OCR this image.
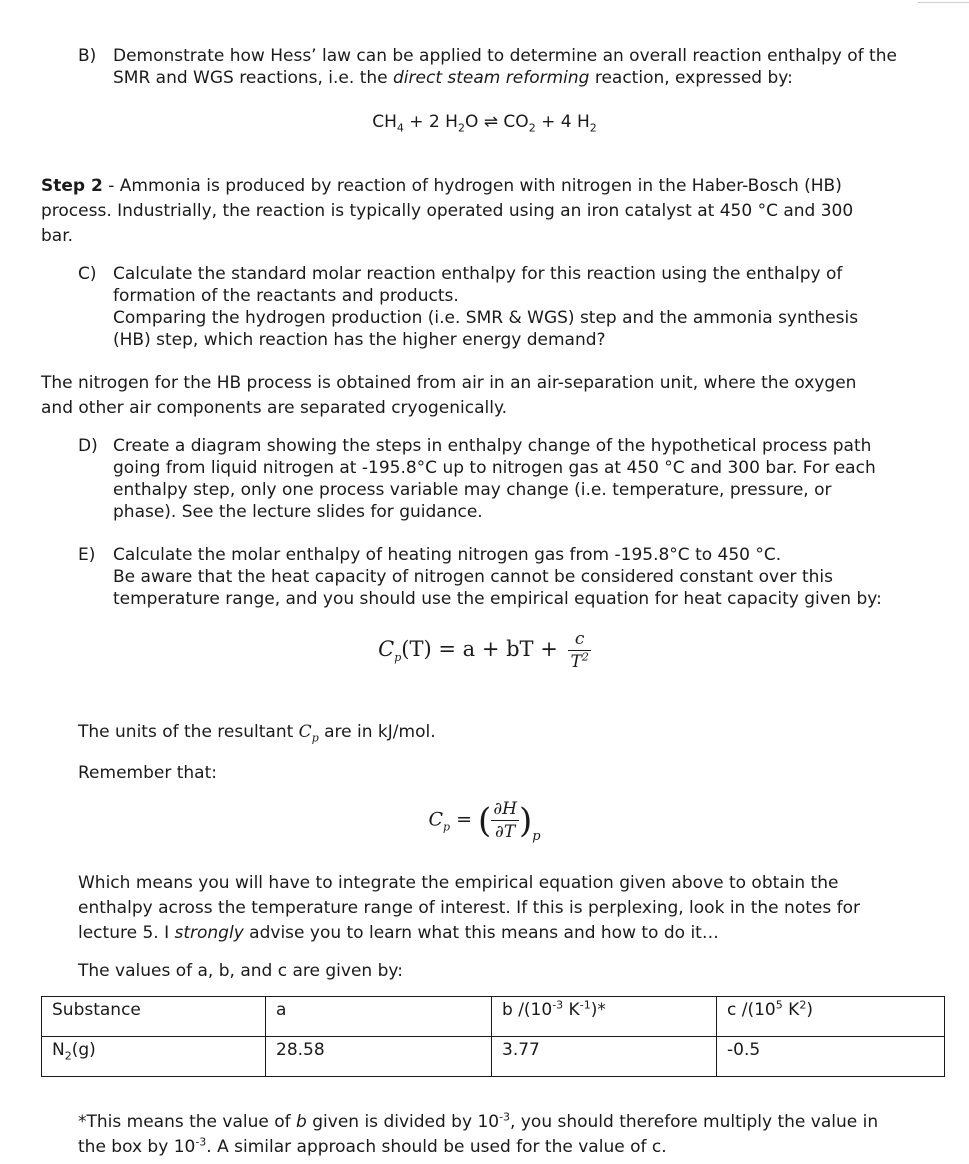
B) Demonstrate how Hess’ law can be applied to determine an overall reaction enthalpy of the
SMR and WGS reactions, i.e. the direct steam reforming reaction, expressed by:
$CH_4 + 2$ $H_2O$ ⇌ $CO_2 + 4$ $H_2$
Step 2 - Ammonia is produced by reaction of hydrogen with nitrogen in the Haber-Bosch (HB)
process. Industrially, the reaction is typically operated using an iron catalyst at 450 °C and 300
bar.
C) Calculate the standard molar reaction enthalpy for this reaction using the enthalpy of
formation of the reactants and products.
Comparing the hydrogen production (i.e. SMR & WGS) step and the ammonia synthesis
(HB) step, which reaction has the higher energy demand?
The nitrogen for the HB process is obtained from air in an air-separation unit, where the oxygen
and other air components are separated cryogenically.
D) Create a diagram showing the steps in enthalpy change of the hypothetical process path
going from liquid nitrogen at -195.8°C up to nitrogen gas at 450 °C and 300 bar. For each
enthalpy step, only one process variable may change (i.e. temperature, pressure, or
phase). See the lecture slides for guidance.
E)	Calculate the molar enthalpy of heating nitrogen gas from -195.8°C to 450 °C.
Be aware that the heat capacity of nitrogen cannot be considered constant over this
temperature range, and you should use the empirical equation for heat capacity given by:
$C_p(T) = a$ + bT + $\frac{c}{T^2}$
The units of the resultant $C_p$ are in kJ/mol.
Remember that:
$C_p$ = ( $\frac{\partial H}{\partial T} )_p$
Which means you will have to integrate the empirical equation given above to obtain the
enthalpy across the temperature range of interest. If this is perplexing, look in the notes for
lecture 5. I strongly advise you to learn what this means and how to do it…
The values of a, b, and c are given by:
Substance	a	b $/(10^{-3}$ $K^{-1})*$	c $/(10^5$ $K^2$)
$N_2(g)$	28.58	3.77	-0.5
*This means the value of b given is divided by $10^{-3}$, you should therefore multiply the value in
the box by $10^{-3}$. A similar approach should be used for the value of c.
